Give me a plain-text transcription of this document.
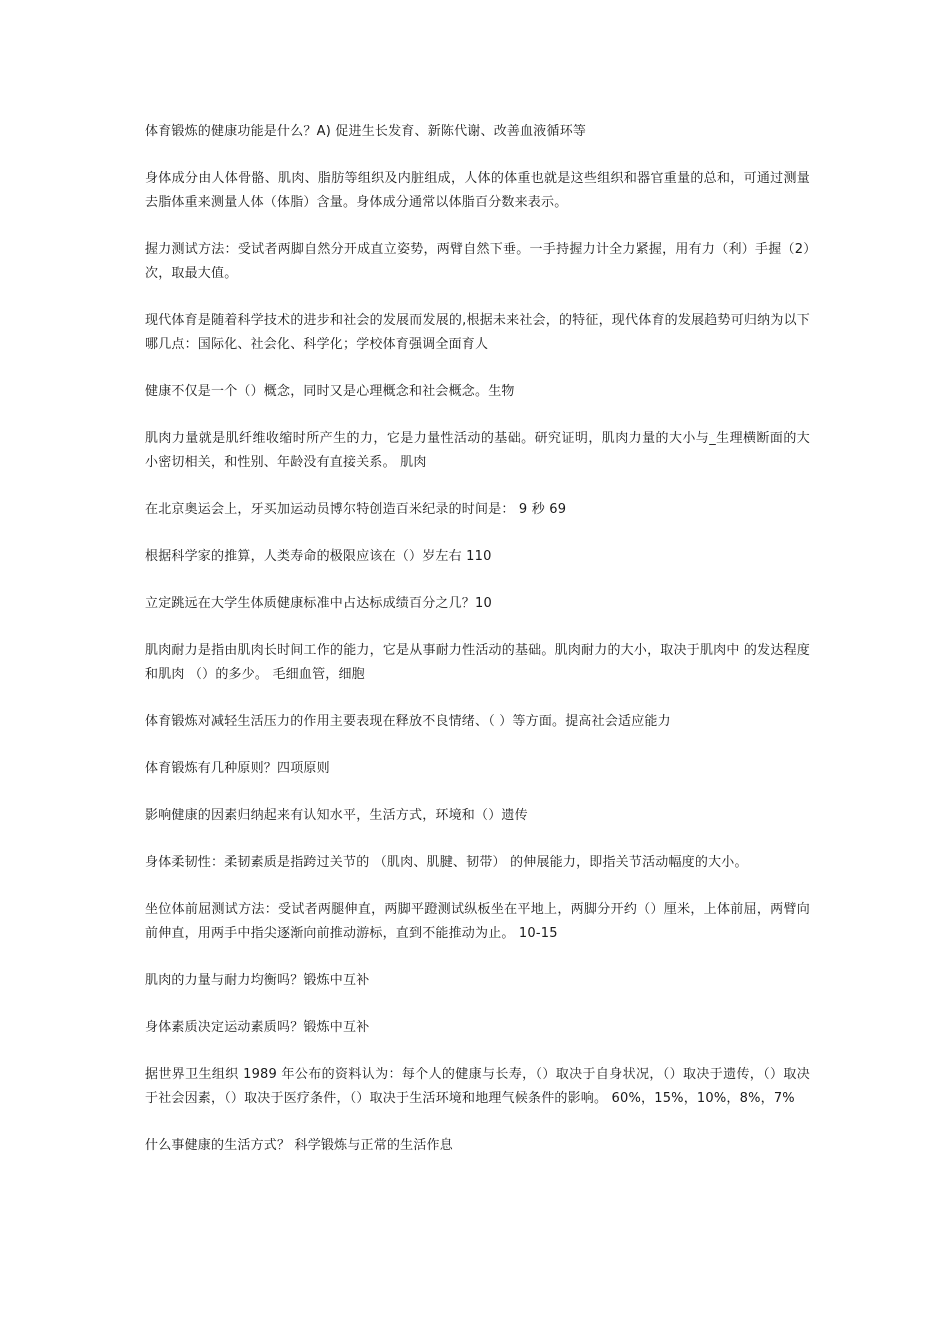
体育锻炼的健康功能是什么？A) 促进生长发育、新陈代谢、改善血液循环等

身体成分由人体骨骼、肌肉、脂肪等组织及内脏组成，人体的体重也就是这些组织和器官重量的总和，可通过测量去脂体重来测量人体（体脂）含量。身体成分通常以体脂百分数来表示。

握力测试方法：受试者两脚自然分开成直立姿势，两臂自然下垂。一手持握力计全力紧握，用有力（利）手握（2）次，取最大值。

现代体育是随着科学技术的进步和社会的发展而发展的,根据未来社会，的特征，现代体育的发展趋势可归纳为以下哪几点：国际化、社会化、科学化；学校体育强调全面育人

健康不仅是一个（）概念，同时又是心理概念和社会概念。生物

肌肉力量就是肌纤维收缩时所产生的力，它是力量性活动的基础。研究证明，肌肉力量的大小与_生理横断面的大小密切相关，和性别、年龄没有直接关系。 肌肉

在北京奥运会上，牙买加运动员博尔特创造百米纪录的时间是： 9 秒 69

根据科学家的推算，人类寿命的极限应该在（）岁左右 110

立定跳远在大学生体质健康标准中占达标成绩百分之几？10

肌肉耐力是指由肌肉长时间工作的能力，它是从事耐力性活动的基础。肌肉耐力的大小，取决于肌肉中 的发达程度和肌肉 （）的多少。 毛细血管，细胞

体育锻炼对减轻生活压力的作用主要表现在释放不良情绪、（ ）等方面。提高社会适应能力

体育锻炼有几种原则？四项原则

影响健康的因素归纳起来有认知水平，生活方式，环境和（）遗传

身体柔韧性：柔韧素质是指跨过关节的 （肌肉、肌腱、韧带） 的伸展能力，即指关节活动幅度的大小。

坐位体前屈测试方法：受试者两腿伸直，两脚平蹬测试纵板坐在平地上，两脚分开约（）厘米，上体前屈，两臂向前伸直，用两手中指尖逐渐向前推动游标，直到不能推动为止。 10-15

肌肉的力量与耐力均衡吗？锻炼中互补

身体素质决定运动素质吗？锻炼中互补

据世界卫生组织 1989 年公布的资料认为：每个人的健康与长寿，（）取决于自身状况，（）取决于遗传，（）取决于社会因素，（）取决于医疗条件，（）取决于生活环境和地理气候条件的影响。 60%，15%，10%，8%，7%

什么事健康的生活方式？ 科学锻炼与正常的生活作息
